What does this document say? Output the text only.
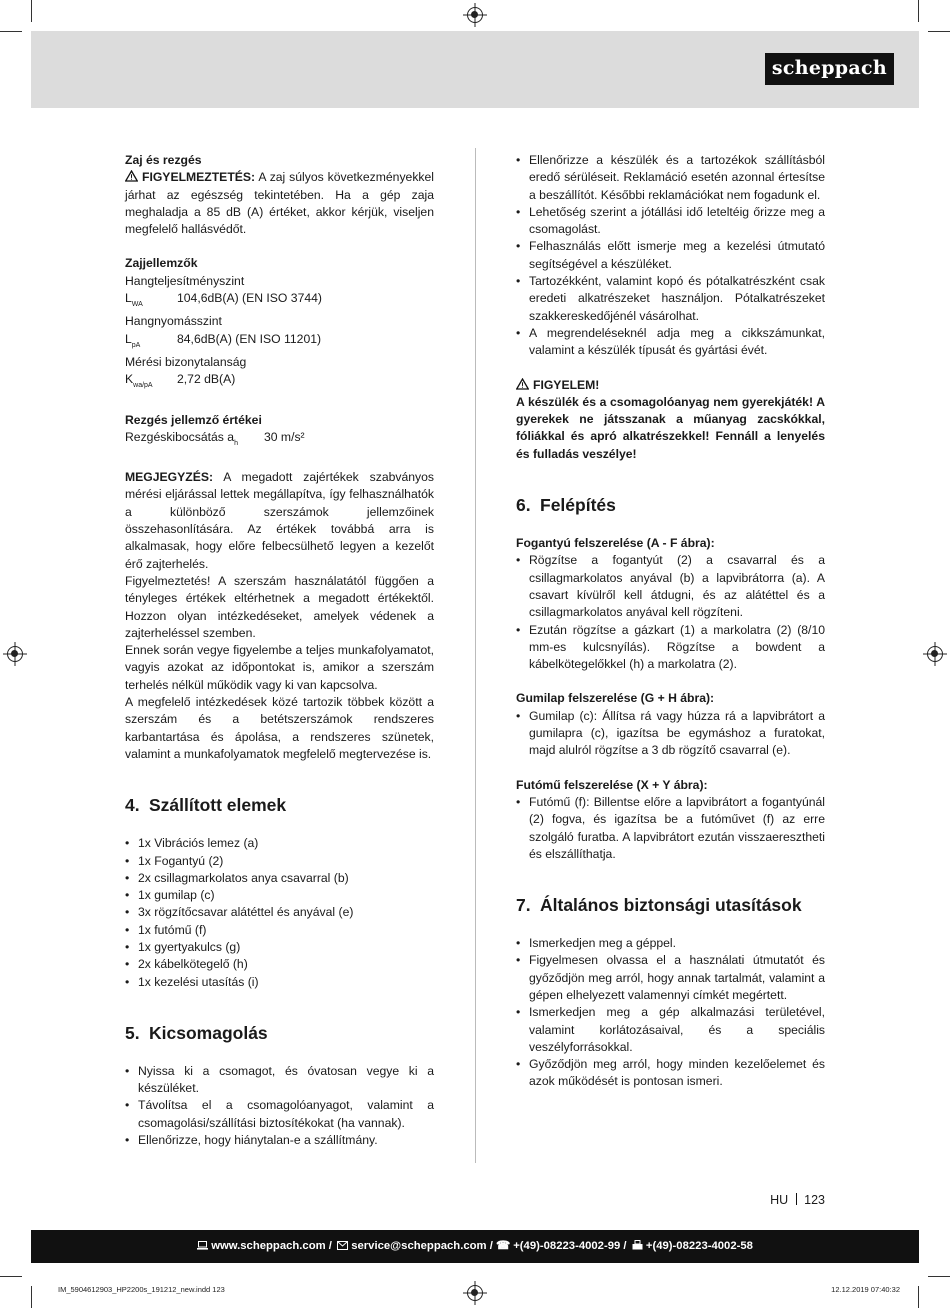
scheppach
Zaj és rezgés

FIGYELMEZTETÉS: A zaj súlyos következményekkel járhat az egészség tekintetében. Ha a gép zaja meghaladja a 85 dB (A) értéket, akkor kérjük, viseljen megfelelő hallásvédőt.

Zajjellemzők
Hangteljesítményszint
$L_{WA}$	104,6dB(A) (EN ISO 3744)
Hangnyomásszint
$L_{pA}$	84,6dB(A) (EN ISO 11201)
Mérési bizonytalanság
$K_{wa/pA}$	2,72 dB(A)
Rezgés jellemző értékei
Rezgéskibocsátás $a_h$ 30 m/s²

MEGJEGYZÉS: A megadott zajértékek szabványos mérési eljárással lettek megállapítva, így felhasználhatók a különböző szerszámok jellemzőinek összehasonlítására. Az értékek továbbá arra is alkalmasak, hogy előre felbecsülhető legyen a kezelőt érő zajterhelés.

Figyelmeztetés! A szerszám használatától függően a tényleges értékek eltérhetnek a megadott értékektől. Hozzon olyan intézkedéseket, amelyek védenek a zajterheléssel szemben.

Ennek során vegye figyelembe a teljes munkafolyamatot, vagyis azokat az időpontokat is, amikor a szerszám terhelés nélkül működik vagy ki van kapcsolva.

A megfelelő intézkedések közé tartozik többek között a szerszám és a betétszerszámok rendszeres karbantartása és ápolása, a rendszeres szünetek, valamint a munkafolyamatok megfelelő megtervezése is.

4. Szállított elemek
• 1x Vibrációs lemez (a)
• 1x Fogantyú (2)
• 2x csillagmarkolatos anya csavarral (b)
• 1x gumilap (c)
• 3x rögzítőcsavar alátéttel és anyával (e)
• 1x futómű (f)
• 1x gyertyakulcs (g)
• 2x kábelkötegelő (h)
• 1x kezelési utasítás (i)
5. Kicsomagolás
• Nyissa ki a csomagot, és óvatosan vegye ki a készüléket.
• Távolítsa el a csomagolóanyagot, valamint a csomagolási/szállítási biztosítékokat (ha vannak).
• Ellenőrizze, hogy hiánytalan-e a szállítmány.
• Ellenőrizze a készülék és a tartozékok szállításból eredő sérüléseit. Reklamáció esetén azonnal értesítse a beszállítót. Későbbi reklamációkat nem fogadunk el.
• Lehetőség szerint a jótállási idő leteltéig őrizze meg a csomagolást.
• Felhasználás előtt ismerje meg a kezelési útmutató segítségével a készüléket.
• Tartozékként, valamint kopó és pótalkatrészként csak eredeti alkatrészeket használjon. Pótalkatrészeket szakkereskedőjénél vásárolhat.
• A megrendeléseknél adja meg a cikkszámunkat, valamint a készülék típusát és gyártási évét.
FIGYELEM!

A készülék és a csomagolóanyag nem gyerekjáték! A gyerekek ne játsszanak a műanyag zacskókkal, fóliákkal és apró alkatrészekkel! Fennáll a lenyelés és fulladás veszélye!

6. Felépítés
Fogantyú felszerelése (A - F ábra):
• Rögzítse a fogantyút (2) a csavarral és a csillagmarkolatos anyával (b) a lapvibrátorra (a). A csavart kívülről kell átdugni, és az alátéttel és a csillagmarkolatos anyával kell rögzíteni.
• Ezután rögzítse a gázkart (1) a markolatra (2) (8/10 mm-es kulcsnyílás). Rögzítse a bowdent a kábelkötegelőkkel (h) a markolatra (2).
Gumilap felszerelése (G + H ábra):
• Gumilap (c): Állítsa rá vagy húzza rá a lapvibrátort a gumilapra (c), igazítsa be egymáshoz a furatokat, majd alulról rögzítse a 3 db rögzítő csavarral (e).
Futómű felszerelése (X + Y ábra):
• Futómű (f): Billentse előre a lapvibrátort a fogantyúnál (2) fogva, és igazítsa be a futóművet (f) az erre szolgáló furatba. A lapvibrátort ezután visszaeresztheti és elszállíthatja.
7. Általános biztonsági utasítások
• Ismerkedjen meg a géppel.
• Figyelmesen olvassa el a használati útmutatót és győződjön meg arról, hogy annak tartalmát, valamint a gépen elhelyezett valamennyi címkét megértett.
• Ismerkedjen meg a gép alkalmazási területével, valamint korlátozásaival, és a speciális veszélyforrásokkal.
• Győződjön meg arról, hogy minden kezelőelemet és azok működését is pontosan ismeri.
HU 123
www.scheppach.com / service@scheppach.com / ☎ +(49)-08223-4002-99 / +(49)-08223-4002-58
IM_5904612903_HP2200s_191212_new.indd 123	12.12.2019 07:40:32
